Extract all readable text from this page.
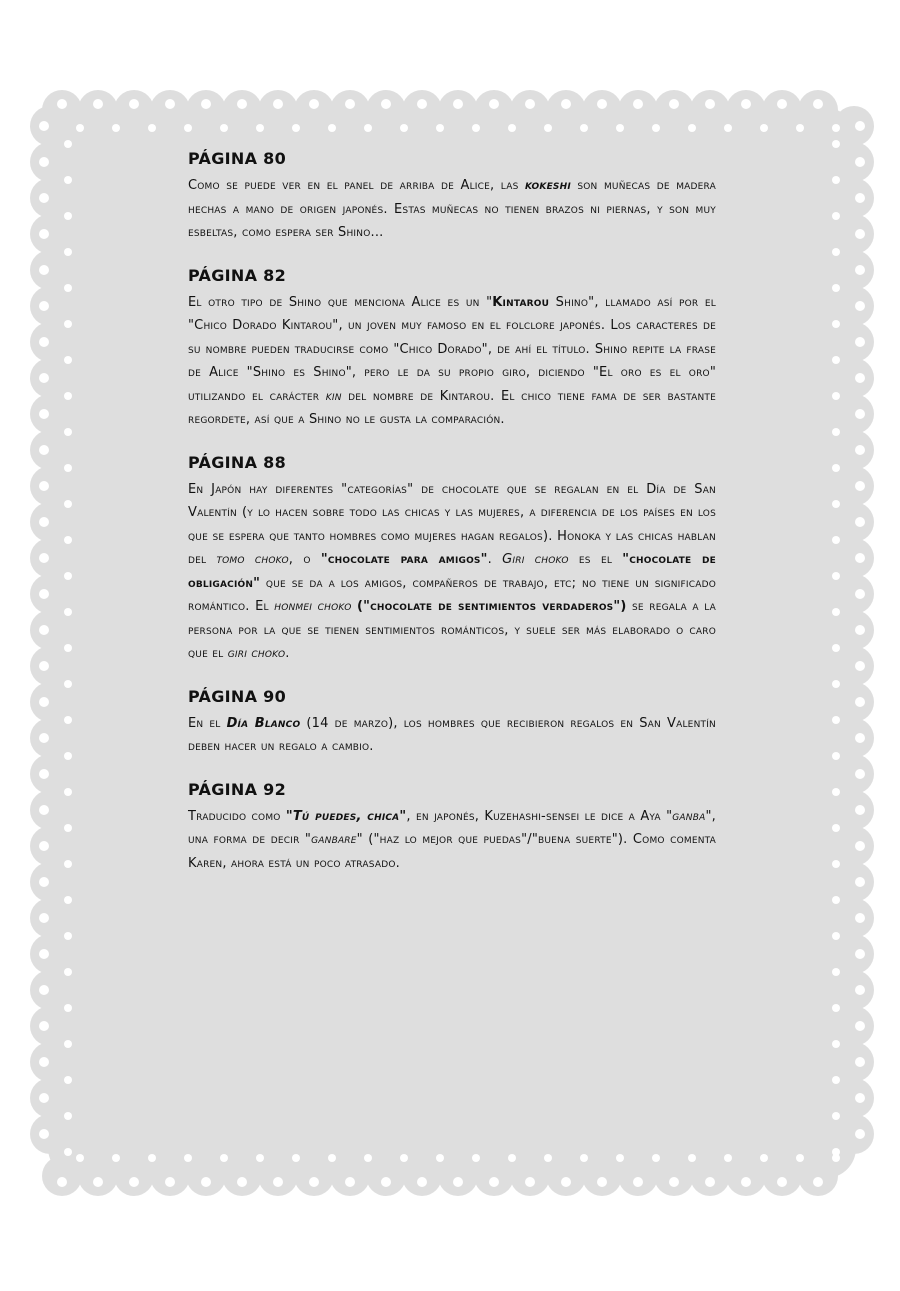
PÁGINA 80

Como se puede ver en el panel de arriba de Alice, las kokeshi son muñecas de madera hechas a mano de origen japonés. Estas muñecas no tienen brazos ni piernas, y son muy esbeltas, como espera ser Shino...

PÁGINA 82

El otro tipo de Shino que menciona Alice es un "Kintarou Shino", llamado así por el "Chico Dorado Kintarou", un joven muy famoso en el folclore japonés. Los caracteres de su nombre pueden traducirse como "Chico Dorado", de ahí el título. Shino repite la frase de Alice "Shino es Shino", pero le da su propio giro, diciendo "El oro es el oro" utilizando el carácter kin del nombre de Kintarou. El chico tiene fama de ser bastante regordete, así que a Shino no le gusta la comparación.

PÁGINA 88

En Japón hay diferentes "categorías" de chocolate que se regalan en el Día de San Valentín (y lo hacen sobre todo las chicas y las mujeres, a diferencia de los países en los que se espera que tanto hombres como mujeres hagan regalos). Honoka y las chicas hablan del tomo choko, o "chocolate para amigos". Giri choko es el "chocolate de obligación" que se da a los amigos, compañeros de trabajo, etc; no tiene un significado romántico. El honmei choko ("chocolate de sentimientos verdaderos") se regala a la persona por la que se tienen sentimientos románticos, y suele ser más elaborado o caro que el giri choko.

PÁGINA 90

En el Día Blanco (14 de marzo), los hombres que recibieron regalos en San Valentín deben hacer un regalo a cambio.

PÁGINA 92

Traducido como "Tú puedes, chica", en japonés, Kuzehashi-sensei le dice a Aya "ganba", una forma de decir "ganbare" ("haz lo mejor que puedas"/"buena suerte"). Como comenta Karen, ahora está un poco atrasado.
